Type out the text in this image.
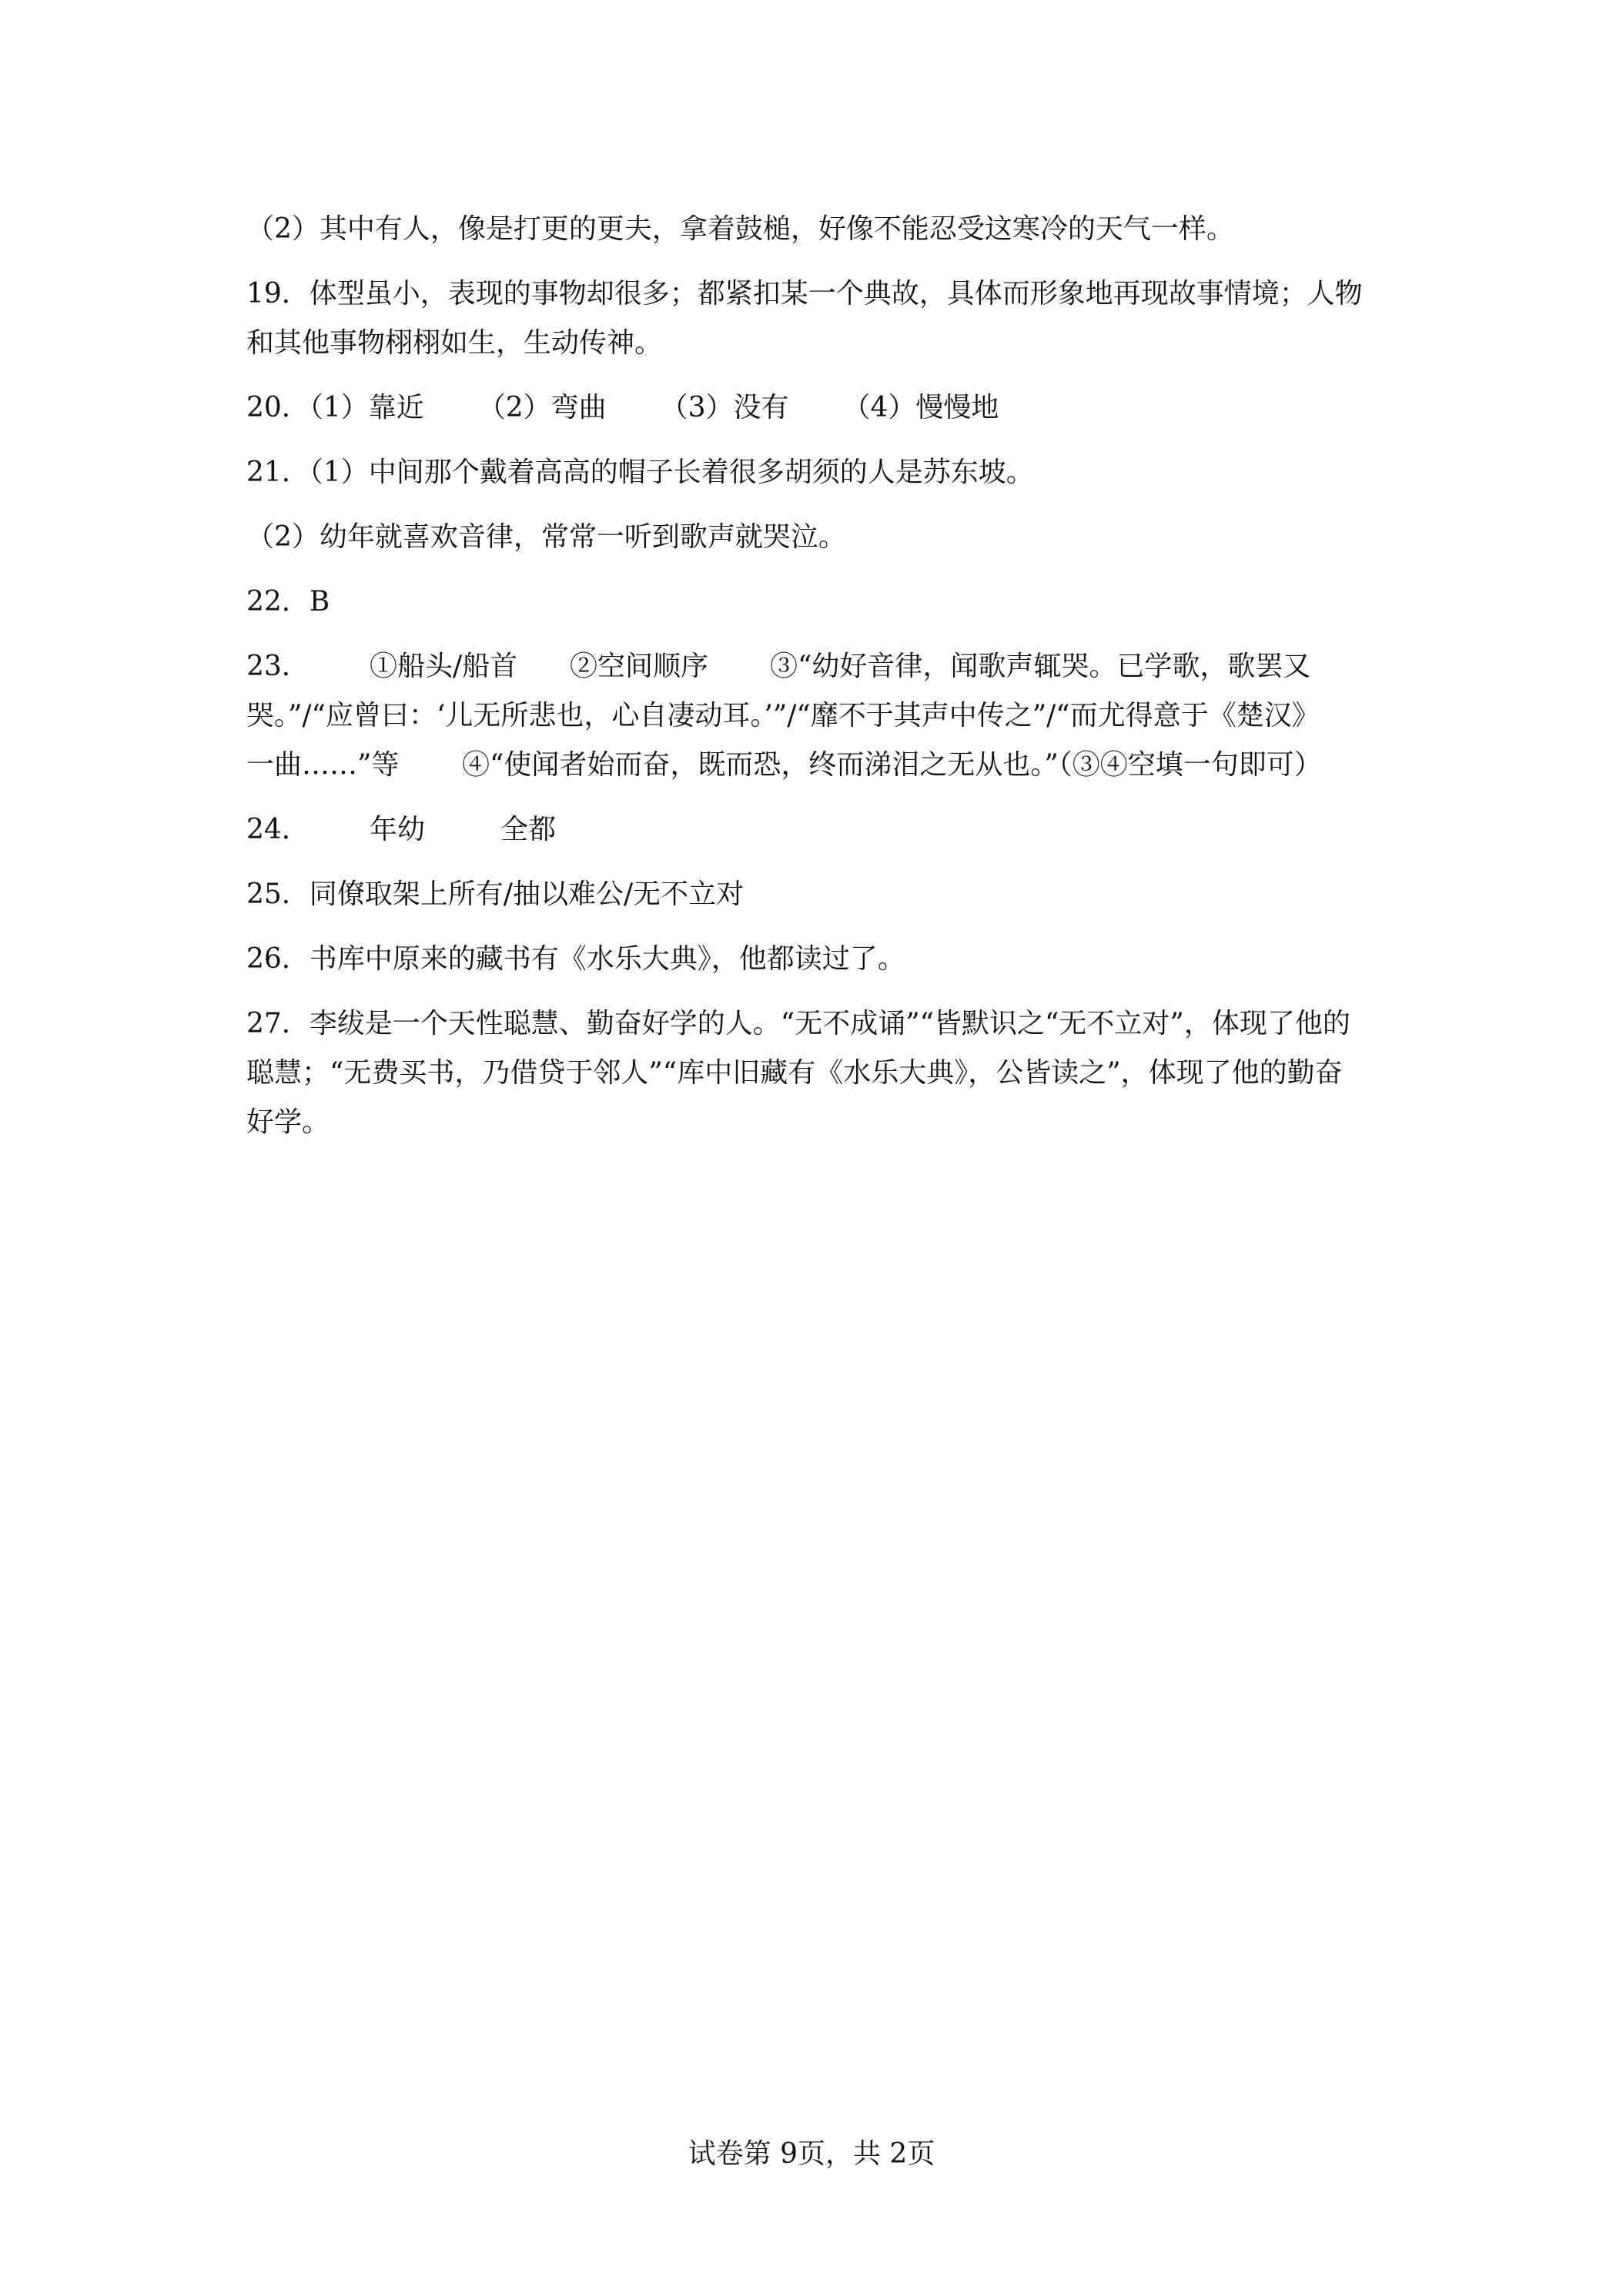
（2）其中有人，像是打更的更夫，拿着鼓槌，好像不能忍受这寒冷的天气一样。

19．体型虽小，表现的事物却很多；都紧扣某一个典故，具体而形象地再现故事情境；人物

和其他事物栩栩如生，生动传神。

20．（1）靠近 （2）弯曲 （3）没有 （4）慢慢地

21．（1）中间那个戴着高高的帽子长着很多胡须的人是苏东坡。

（2）幼年就喜欢音律，常常一听到歌声就哭泣。

22．B

23． ①船头/船首 ②空间顺序 ③“幼好音律，闻歌声辄哭。已学歌，歌罢又

哭。”/“应曾曰：‘儿无所悲也，心自凄动耳。’”/“靡不于其声中传之”/“而尤得意于《楚汉》

一曲……”等 ④“使闻者始而奋，既而恐，终而涕泪之无从也。”（③④空填一句即可）

24． 年幼	全都

25．同僚取架上所有/抽以难公/无不立对

26．书库中原来的藏书有《水乐大典》，他都读过了。

27．李绂是一个天性聪慧、勤奋好学的人。“无不成诵”“皆默识之“无不立对”，体现了他的

聪慧；“无费买书，乃借贷于邻人”“库中旧藏有《水乐大典》，公皆读之”，体现了他的勤奋

好学。

试卷第 9页，共 2页
